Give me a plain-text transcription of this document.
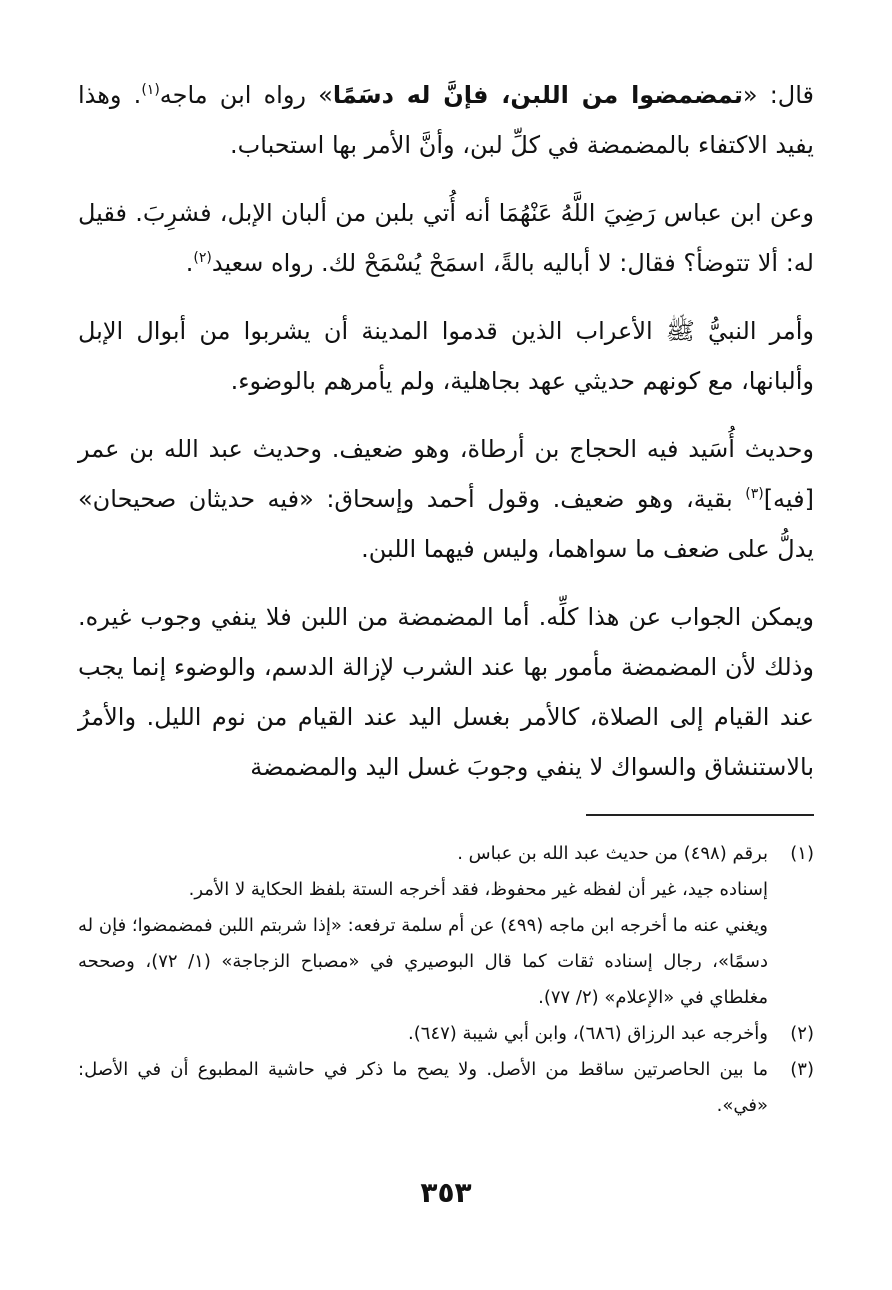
قال: «تمضمضوا من اللبن، فإنَّ له دسَمًا» رواه ابن ماجه$^{(١)}$. وهذا يفيد الاكتفاء بالمضمضة في كلِّ لبن، وأنَّ الأمر بها استحباب.

وعن ابن عباس رَضِيَ اللَّهُ عَنْهُمَا أنه أُتي بلبن من ألبان الإبل، فشرِبَ. فقيل له: ألا تتوضأ؟ فقال: لا أباليه بالةً، اسمَحْ يُسْمَحْ لك. رواه سعيد$^{(٢)}$.

وأمر النبيُّ ﷺ الأعراب الذين قدموا المدينة أن يشربوا من أبوال الإبل وألبانها، مع كونهم حديثي عهد بجاهلية، ولم يأمرهم بالوضوء.

وحديث أُسَيد فيه الحجاج بن أرطاة، وهو ضعيف. وحديث عبد الله بن عمر [فيه]$^{(٣)}$ بقية، وهو ضعيف. وقول أحمد وإسحاق: «فيه حديثان صحيحان» يدلُّ على ضعف ما سواهما، وليس فيهما اللبن.

ويمكن الجواب عن هذا كلِّه. أما المضمضة من اللبن فلا ينفي وجوب غيره. وذلك لأن المضمضة مأمور بها عند الشرب لإزالة الدسم، والوضوء إنما يجب عند القيام إلى الصلاة، كالأمر بغسل اليد عند القيام من نوم الليل. والأمرُ بالاستنشاق والسواك لا ينفي وجوبَ غسل اليد والمضمضة

(١)
برقم (٤٩٨) من حديث عبد الله بن عباس .
إسناده جيد، غير أن لفظه غير محفوظ، فقد أخرجه الستة بلفظ الحكاية لا الأمر.
ويغني عنه ما أخرجه ابن ماجه (٤٩٩) عن أم سلمة ترفعه: «إذا شربتم اللبن فمضمضوا؛ فإن له دسمًا»، رجال إسناده ثقات كما قال البوصيري في «مصباح الزجاجة» (١/ ٧٢)، وصححه مغلطاي في «الإعلام» (٢/ ٧٧).
(٢)
وأخرجه عبد الرزاق (٦٨٦)، وابن أبي شيبة (٦٤٧).
(٣)
ما بين الحاصرتين ساقط من الأصل. ولا يصح ما ذكر في حاشية المطبوع أن في الأصل: «في».
٣٥٣
